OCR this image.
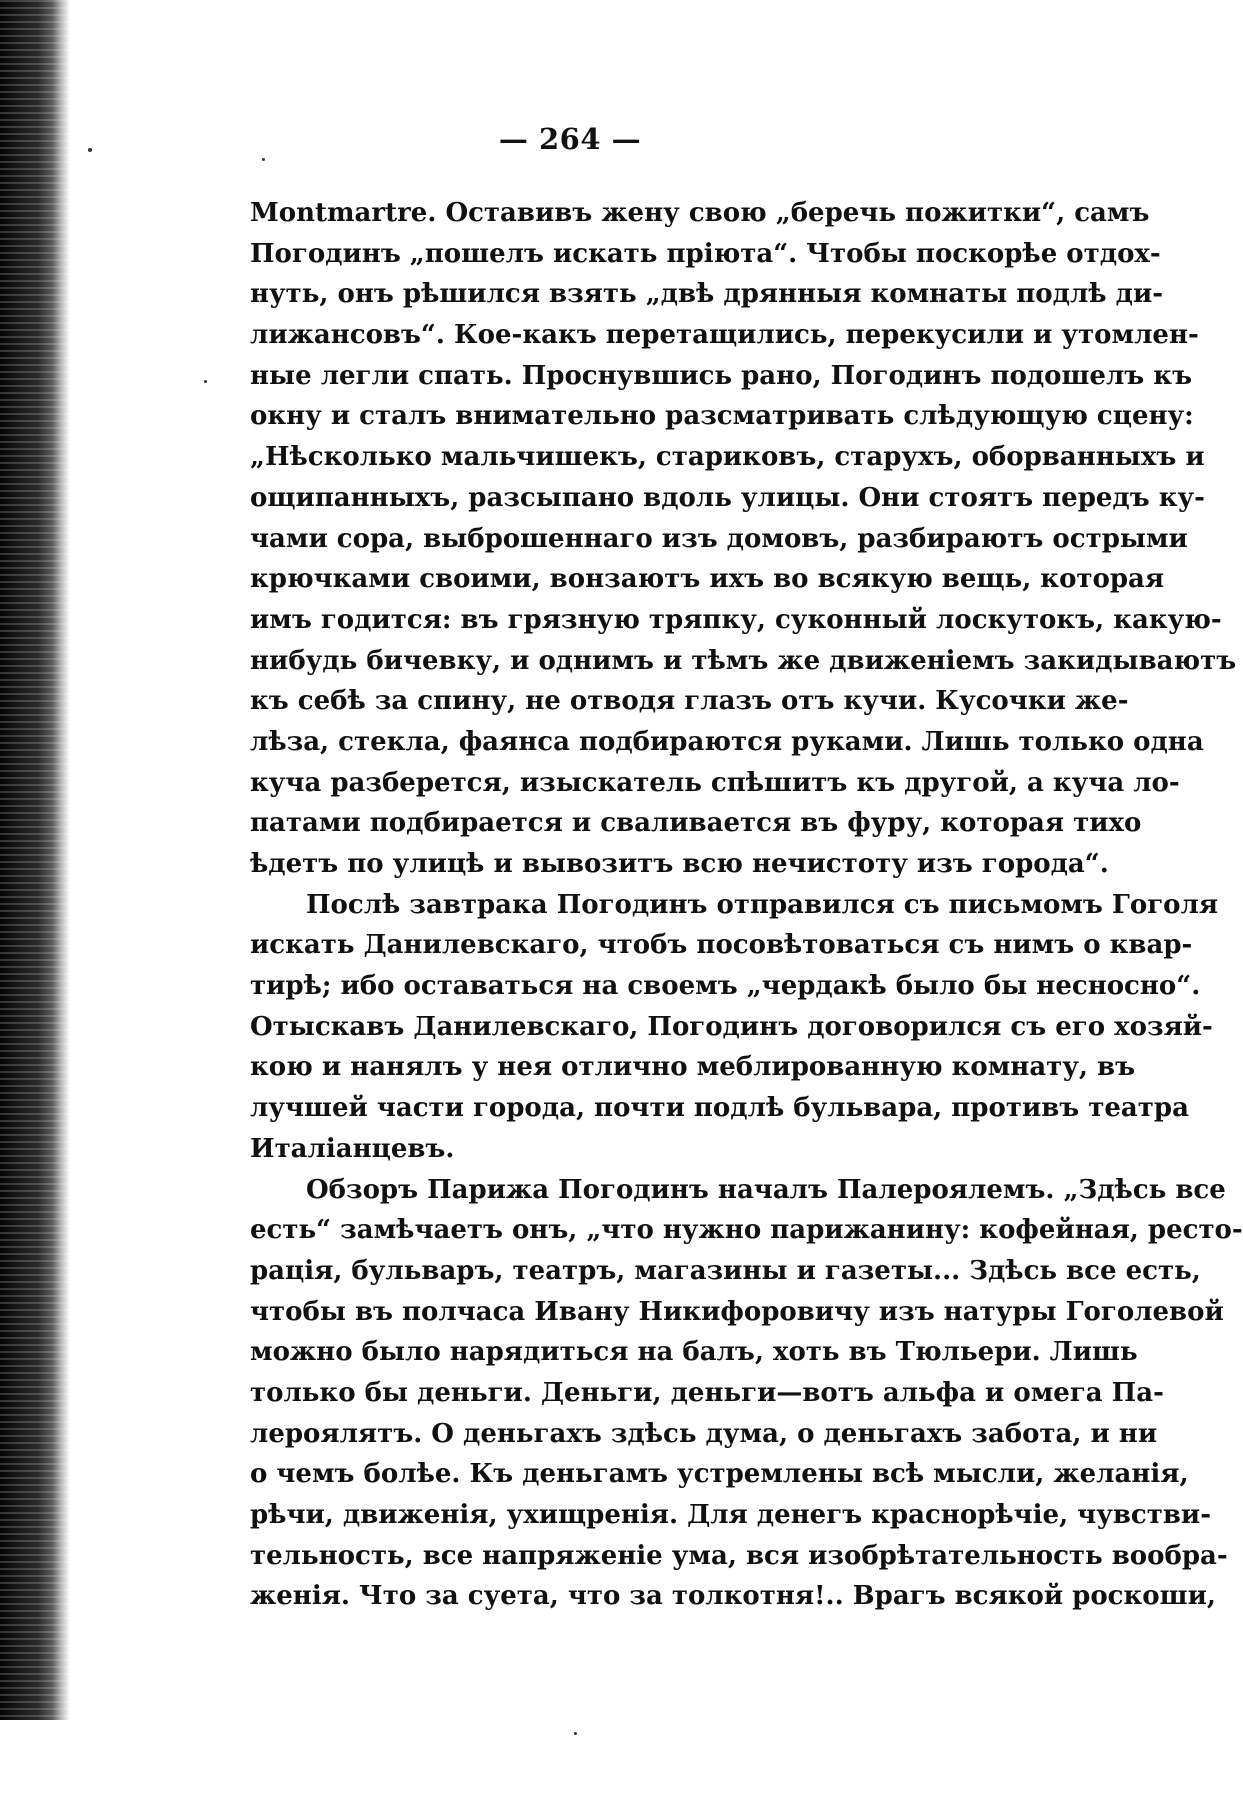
— 264 —
Montmartre. Оставивъ жену свою „беречь пожитки“, самъ
Погодинъ „пошелъ искать пріюта“. Чтобы поскорѣе отдох-
нуть, онъ рѣшился взять „двѣ дрянныя комнаты подлѣ ди-
лижансовъ“. Кое-какъ перетащились, перекусили и утомлен-
ные легли спать. Проснувшись рано, Погодинъ подошелъ къ
окну и сталъ внимательно разсматривать слѣдующую сцену:
„Нѣсколько мальчишекъ, стариковъ, старухъ, оборванныхъ и
ощипанныхъ, разсыпано вдоль улицы. Они стоятъ передъ ку-
чами сора, выброшеннаго изъ домовъ, разбираютъ острыми
крючками своими, вонзаютъ ихъ во всякую вещь, которая
имъ годится: въ грязную тряпку, суконный лоскутокъ, какую-
нибудь бичевку, и однимъ и тѣмъ же движеніемъ закидываютъ
къ себѣ за спину, не отводя глазъ отъ кучи. Кусочки же-
лѣза, стекла, фаянса подбираются руками. Лишь только одна
куча разберется, изыскатель спѣшитъ къ другой, а куча ло-
патами подбирается и сваливается въ фуру, которая тихо
ѣдетъ по улицѣ и вывозитъ всю нечистоту изъ города“.
Послѣ завтрака Погодинъ отправился съ письмомъ Гоголя
искать Данилевскаго, чтобъ посовѣтоваться съ нимъ о квар-
тирѣ; ибо оставаться на своемъ „чердакѣ было бы несносно“.
Отыскавъ Данилевскаго, Погодинъ договорился съ его хозяй-
кою и нанялъ у нея отлично меблированную комнату, въ
лучшей части города, почти подлѣ бульвара, противъ театра
Италіанцевъ.
Обзоръ Парижа Погодинъ началъ Палероялемъ. „Здѣсь все
есть“ замѣчаетъ онъ, „что нужно парижанину: кофейная, ресто-
рація, бульваръ, театръ, магазины и газеты... Здѣсь все есть,
чтобы въ полчаса Ивану Никифоровичу изъ натуры Гоголевой
можно было нарядиться на балъ, хоть въ Тюльери. Лишь
только бы деньги. Деньги, деньги—вотъ альфа и омега Па-
лероялятъ. О деньгахъ здѣсь дума, о деньгахъ забота, и ни
о чемъ болѣе. Къ деньгамъ устремлены всѣ мысли, желанія,
рѣчи, движенія, ухищренія. Для денегъ краснорѣчіе, чувстви-
тельность, все напряженіе ума, вся изобрѣтательность вообра-
женія. Что за суета, что за толкотня!.. Врагъ всякой роскоши,
